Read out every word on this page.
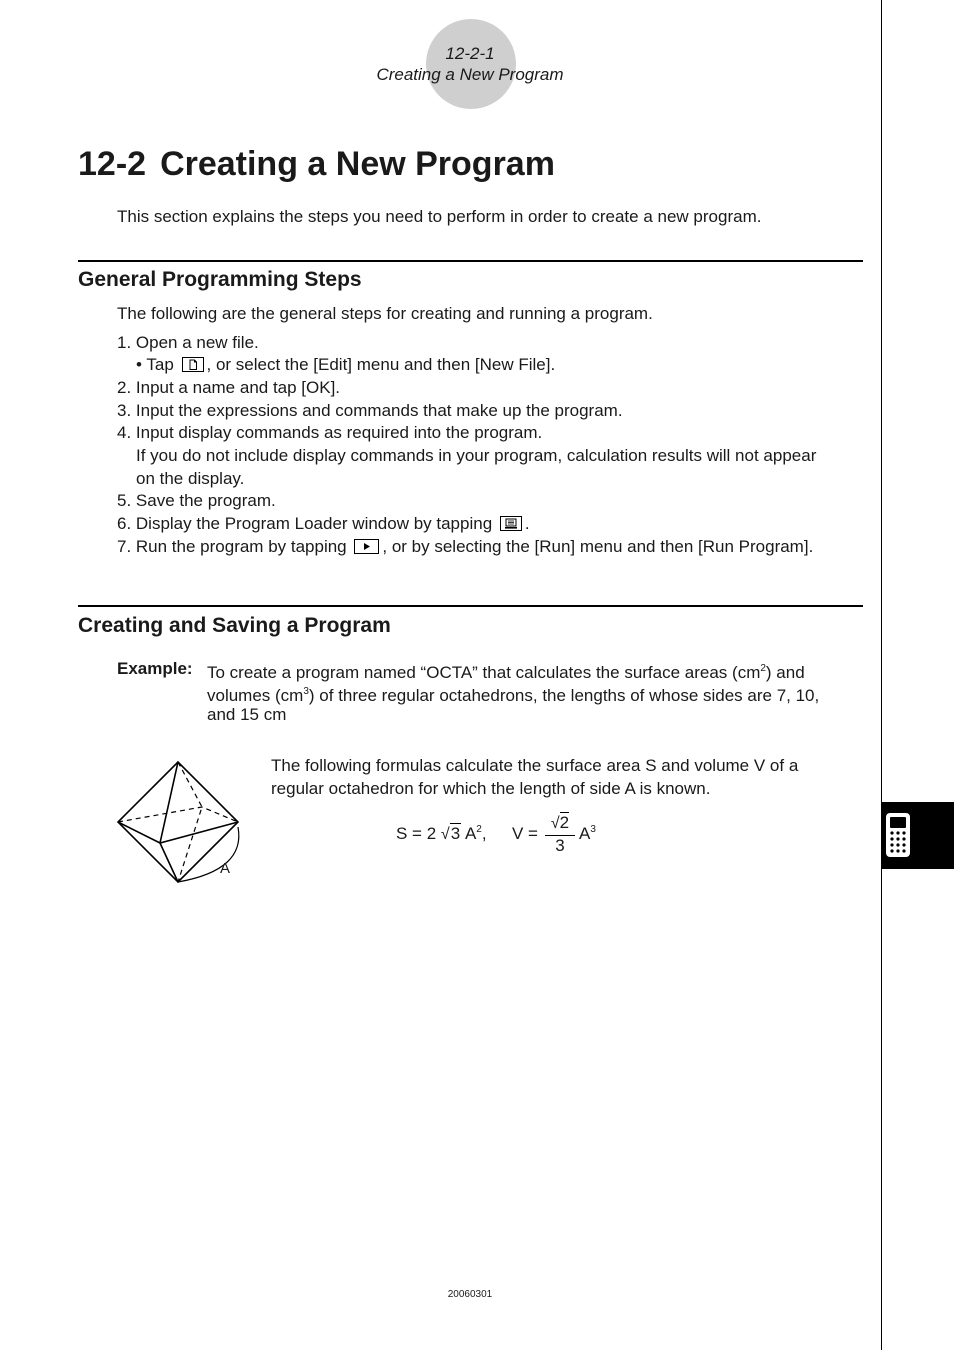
12-2-1
Creating a New Program
12-2 Creating a New Program
This section explains the steps you need to perform in order to create a new program.
General Programming Steps
The following are the general steps for creating and running a program.
1. Open a new file.
• Tap , or select the [Edit] menu and then [New File].
2. Input a name and tap [OK].
3. Input the expressions and commands that make up the program.
4. Input display commands as required into the program.
If you do not include display commands in your program, calculation results will not appear
on the display.
5. Save the program.
6. Display the Program Loader window by tapping .
7. Run the program by tapping , or by selecting the [Run] menu and then [Run Program].
Creating and Saving a Program
Example: To create a program named “OCTA” that calculates the surface areas $(cm^2)$ and
volumes $(cm^3)$ of three regular octahedrons, the lengths of whose sides are 7, 10,
and 15 cm
A
The following formulas calculate the surface area S and volume V of a
regular octahedron for which the length of side A is known.
S = 2 √3 $A^2$, $V = \frac{√2}{3} A^3$
20060301
